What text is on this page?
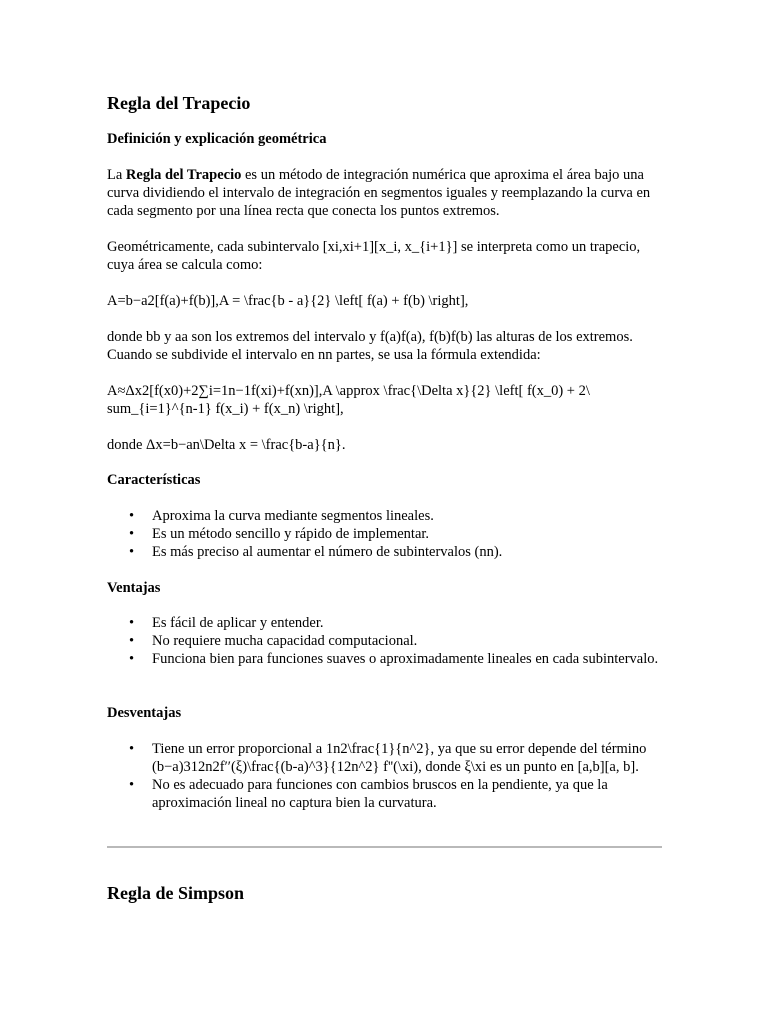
Regla del Trapecio
Definición y explicación geométrica
La Regla del Trapecio es un método de integración numérica que aproxima el área bajo una curva dividiendo el intervalo de integración en segmentos iguales y reemplazando la curva en cada segmento por una línea recta que conecta los puntos extremos.
Geométricamente, cada subintervalo [xi,xi+1][x_i, x_{i+1}] se interpreta como un trapecio, cuya área se calcula como:
A=b−a2[f(a)+f(b)],A = \frac{b - a}{2} \left[ f(a) + f(b) \right],
donde bb y aa son los extremos del intervalo y f(a)f(a), f(b)f(b) las alturas de los extremos. Cuando se subdivide el intervalo en nn partes, se usa la fórmula extendida:
A≈Δx2[f(x0)+2∑i=1n−1f(xi)+f(xn)],A \approx \frac{\Delta x}{2} \left[ f(x_0) + 2\ sum_{i=1}^{n-1} f(x_i) + f(x_n) \right],
donde Δx=b−an\Delta x = \frac{b-a}{n}.
Características
• Aproxima la curva mediante segmentos lineales.
• Es un método sencillo y rápido de implementar.
• Es más preciso al aumentar el número de subintervalos (nn).
Ventajas
• Es fácil de aplicar y entender.
• No requiere mucha capacidad computacional.
• Funciona bien para funciones suaves o aproximadamente lineales en cada subintervalo.
Desventajas
• Tiene un error proporcional a 1n2\frac{1}{n^2}, ya que su error depende del término (b−a)312n2f′′(ξ)\frac{(b-a)^3}{12n^2} f''(\xi), donde ξ\xi es un punto en [a,b][a, b].
• No es adecuado para funciones con cambios bruscos en la pendiente, ya que la aproximación lineal no captura bien la curvatura.
Regla de Simpson
